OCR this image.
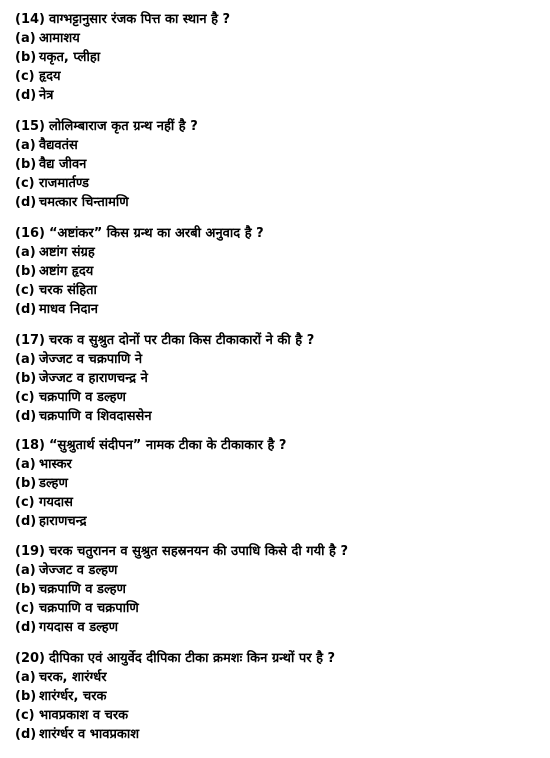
(14) वाग्भट्टानुसार रंजक पित्त का स्थान है ?
(a) आमाशय
(b) यकृत, प्लीहा
(c) हृदय
(d) नेत्र
(15) लोलिम्बाराज कृत ग्रन्थ नहीं है ?
(a) वैद्यवतंस
(b) वैद्य जीवन
(c) राजमार्तण्ड
(d) चमत्कार चिन्तामणि
(16) “अष्टांकर” किस ग्रन्थ का अरबी अनुवाद है ?
(a) अष्टांग संग्रह
(b) अष्टांग हृदय
(c) चरक संहिता
(d) माधव निदान
(17) चरक व सुश्रुत दोनों पर टीका किस टीकाकारों ने की है ?
(a) जेज्जट व चक्रपाणि ने
(b) जेज्जट व हाराणचन्द्र ने
(c) चक्रपाणि व डल्हण
(d) चक्रपाणि व शिवदाससेन
(18) “सुश्रुतार्थ संदीपन” नामक टीका के टीकाकार है ?
(a) भास्कर
(b) डल्हण
(c) गयदास
(d) हाराणचन्द्र
(19) चरक चतुरानन व सुश्रुत सहस्रनयन की उपाधि किसे दी गयी है ?
(a) जेज्जट व डल्हण
(b) चक्रपाणि व डल्हण
(c) चक्रपाणि व चक्रपाणि
(d) गयदास व डल्हण
(20) दीपिका एवं आयुर्वेद दीपिका टीका क्रमशः किन ग्रन्थों पर है ?
(a) चरक, शारंर्ग्धर
(b) शारंर्ग्धर, चरक
(c) भावप्रकाश व चरक
(d) शारंर्ग्धर व भावप्रकाश
